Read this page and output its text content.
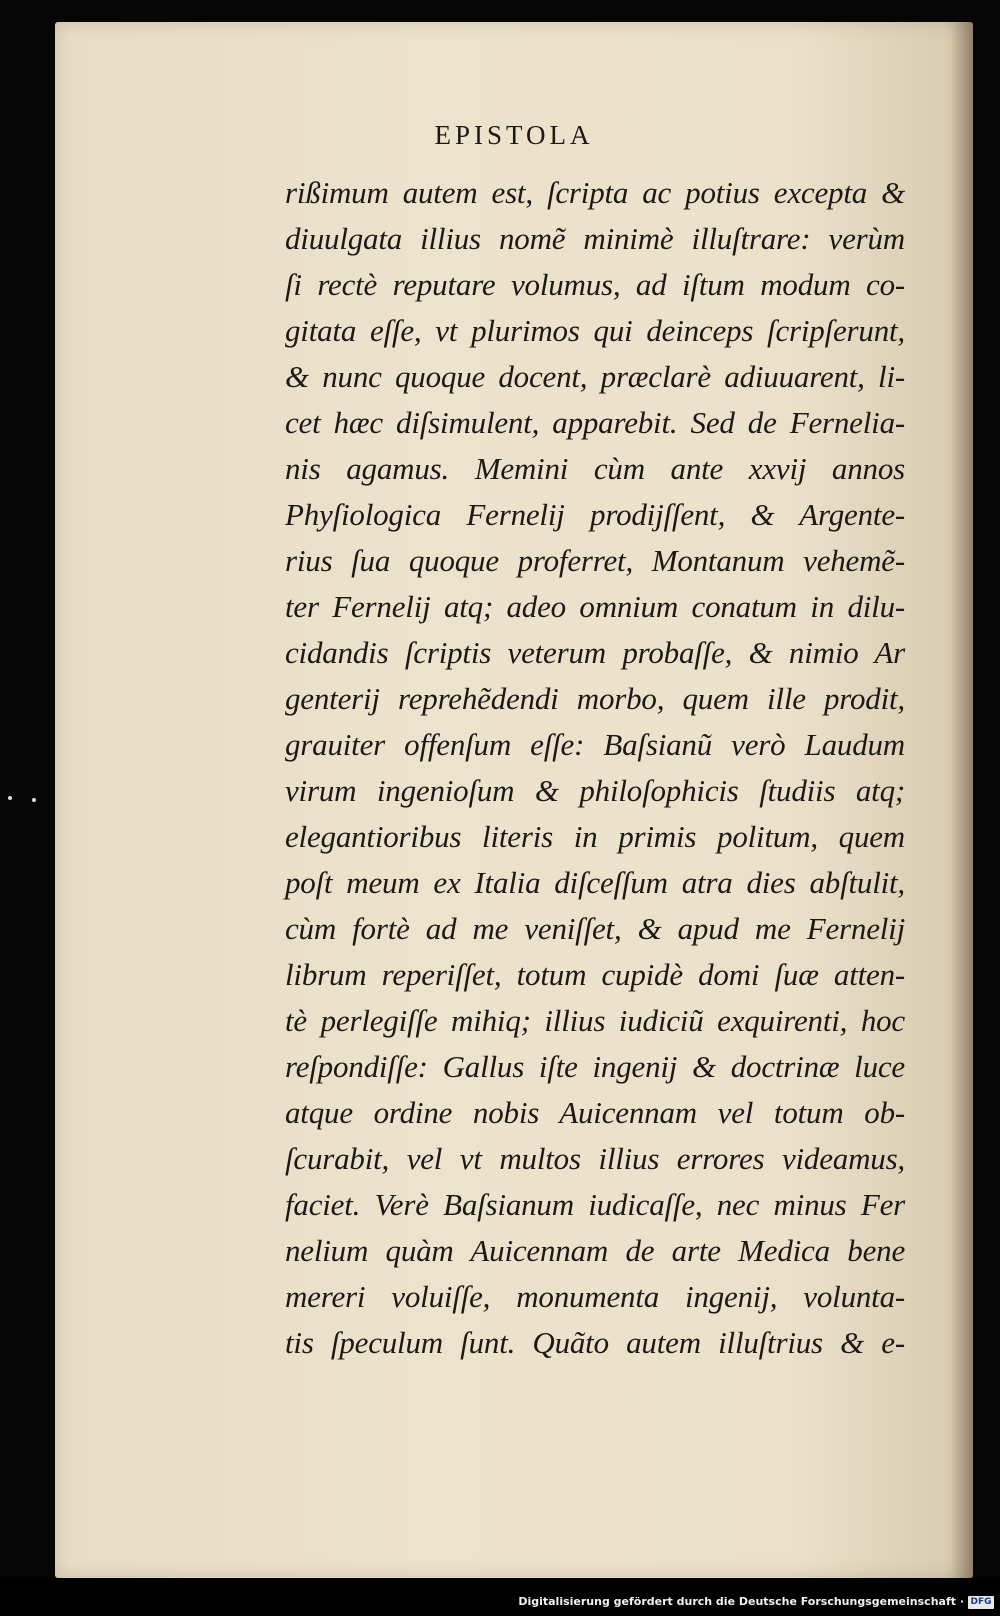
EPISTOLA
rißimum autem est, ſcripta ac potius excepta &
diuulgata illius nomẽ minimè illuſtrare: verùm
ſi rectè reputare volumus, ad iſtum modum co-
gitata eſſe, vt plurimos qui deinceps ſcripſerunt,
& nunc quoque docent, præclarè adiuuarent, li-
cet hæc diſsimulent, apparebit. Sed de Fernelia-
nis agamus. Memini cùm ante xxvij annos
Phyſiologica Fernelij prodijſſent, & Argente-
rius ſua quoque proferret, Montanum vehemẽ-
ter Fernelij atq; adeo omnium conatum in dilu-
cidandis ſcriptis veterum probaſſe, & nimio Ar
genterij reprehẽdendi morbo, quem ille prodit,
grauiter offenſum eſſe: Baſsianũ verò Laudum
virum ingenioſum & philoſophicis ſtudiis atq;
elegantioribus literis in primis politum, quem
poſt meum ex Italia diſceſſum atra dies abſtulit,
cùm fortè ad me veniſſet, & apud me Fernelij
librum reperiſſet, totum cupidè domi ſuæ atten-
tè perlegiſſe mihiq; illius iudiciũ exquirenti, hoc
reſpondiſſe: Gallus iſte ingenij & doctrinæ luce
atque ordine nobis Auicennam vel totum ob-
ſcurabit, vel vt multos illius errores videamus,
faciet. Verè Baſsianum iudicaſſe, nec minus Fer
nelium quàm Auicennam de arte Medica bene
mereri voluiſſe, monumenta ingenij, volunta-
tis ſpeculum ſunt. Quãto autem illuſtrius & e-
Digitalisierung gefördert durch die Deutsche Forschungsgemeinschaft · DFG
